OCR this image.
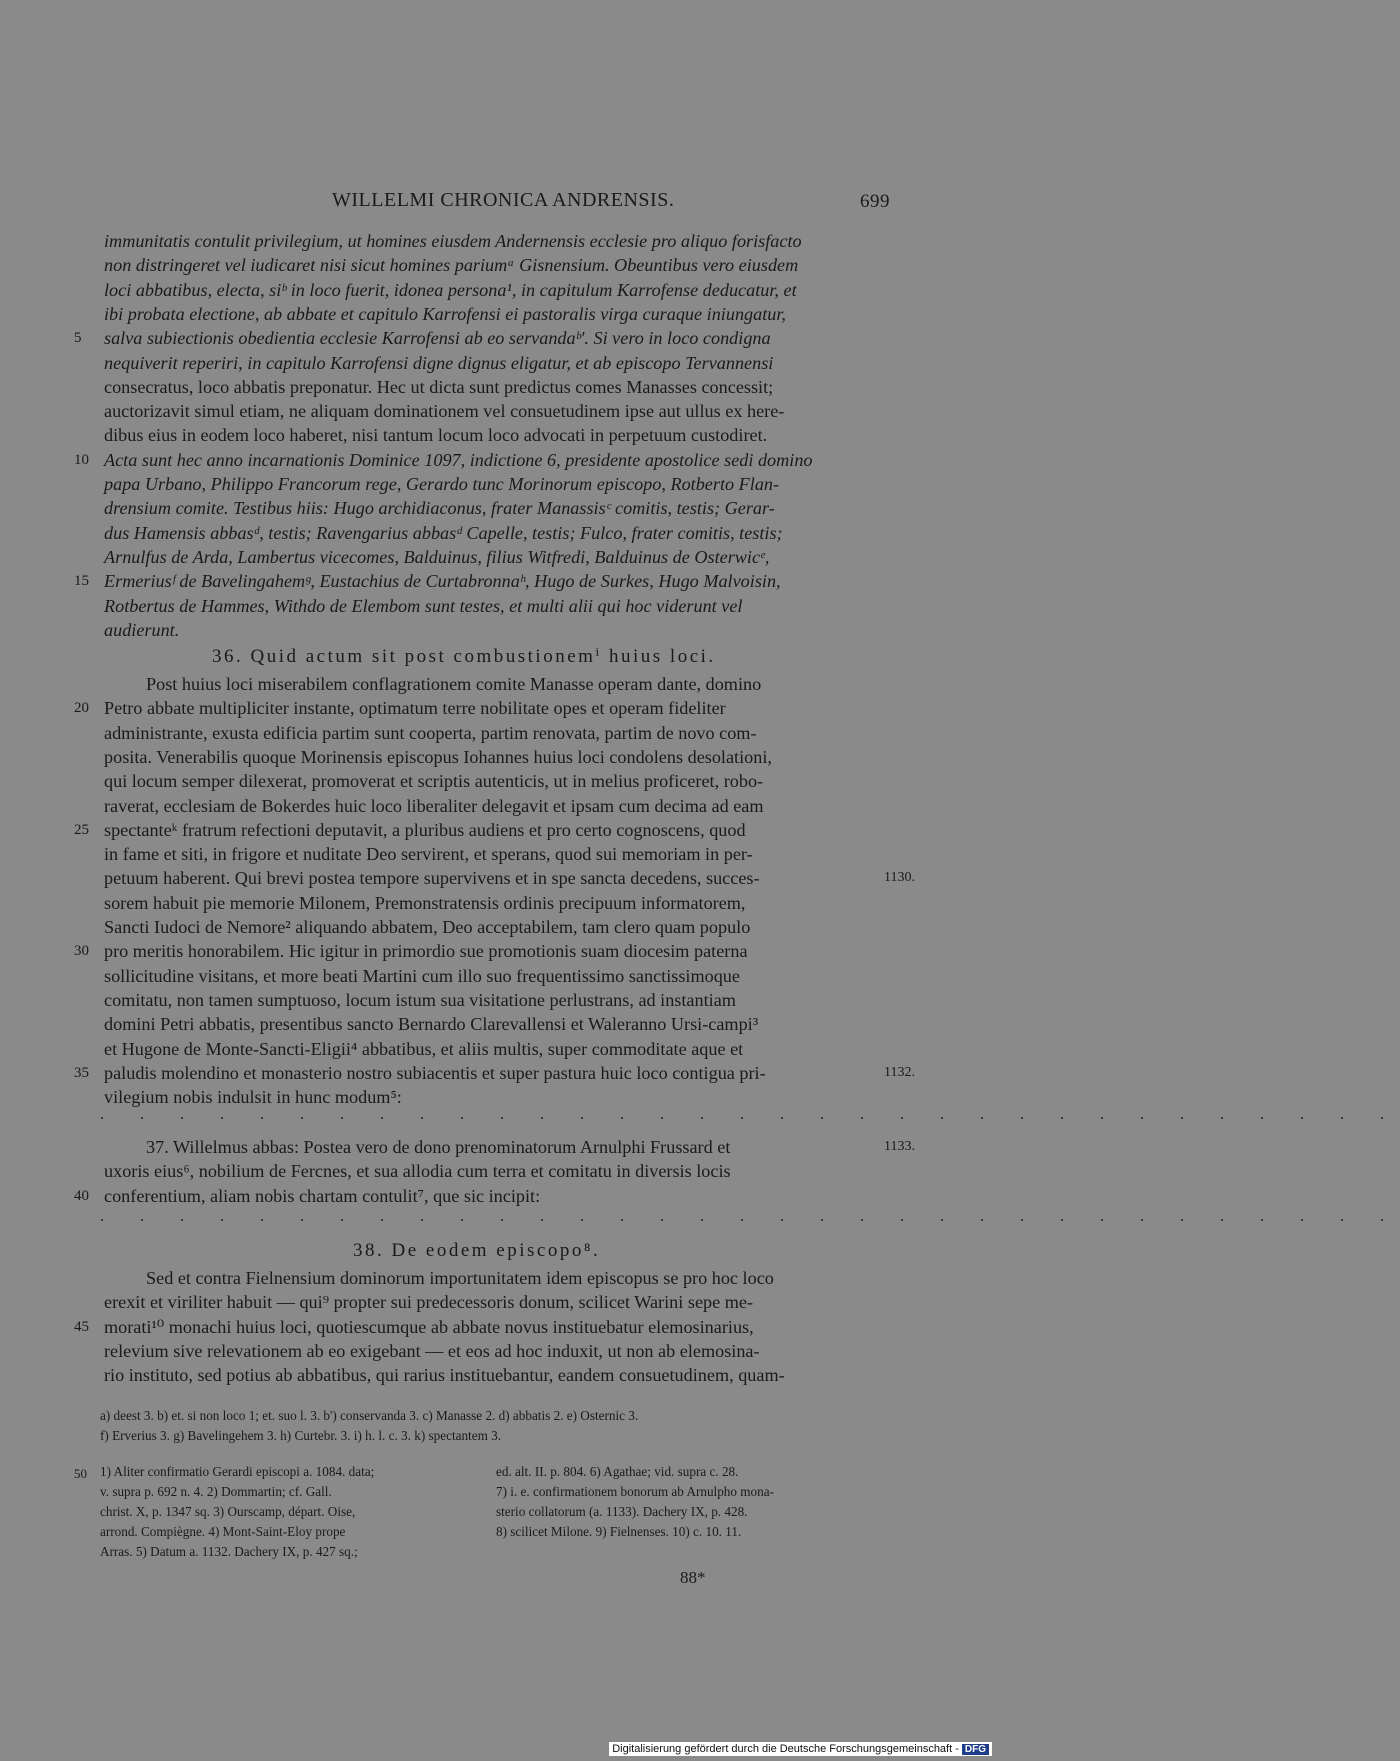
WILLELMI CHRONICA ANDRENSIS.	699
immunitatis contulit privilegium, ut homines eiusdem Andernensis ecclesie pro aliquo forisfacto
non distringeret vel iudicaret nisi sicut homines pariumᵃ Gisnensium. Obeuntibus vero eiusdem
loci abbatibus, electa, siᵇ in loco fuerit, idonea persona¹, in capitulum Karrofense deducatur, et
ibi probata electione, ab abbate et capitulo Karrofensi ei pastoralis virga curaque iniungatur,
salva subiectionis obedientia ecclesie Karrofensi ab eo servandaᵇ'. Si vero in loco condigna
5
nequiverit reperiri, in capitulo Karrofensi digne dignus eligatur, et ab episcopo Tervannensi
consecratus, loco abbatis preponatur. Hec ut dicta sunt predictus comes Manasses concessit;
auctorizavit simul etiam, ne aliquam dominationem vel consuetudinem ipse aut ullus ex here-
dibus eius in eodem loco haberet, nisi tantum locum loco advocati in perpetuum custodiret.
Acta sunt hec anno incarnationis Dominice 1097, indictione 6, presidente apostolice sedi domino
10
papa Urbano, Philippo Francorum rege, Gerardo tunc Morinorum episcopo, Rotberto Flan-
drensium comite. Testibus hiis: Hugo archidiaconus, frater Manassisᶜ comitis, testis; Gerar-
dus Hamensis abbasᵈ, testis; Ravengarius abbasᵈ Capelle, testis; Fulco, frater comitis, testis;
Arnulfus de Arda, Lambertus vicecomes, Balduinus, filius Witfredi, Balduinus de Osterwicᵉ,
Ermeriusᶠ de Bavelingahemᵍ, Eustachius de Curtabronnaʰ, Hugo de Surkes, Hugo Malvoisin,
15
Rotbertus de Hammes, Withdo de Elembom sunt testes, et multi alii qui hoc viderunt vel
audierunt.
36. Quid actum sit post combustionemⁱ huius loci.
Post huius loci miserabilem conflagrationem comite Manasse operam dante, domino
Petro abbate multipliciter instante, optimatum terre nobilitate opes et operam fideliter
20
administrante, exusta edificia partim sunt cooperta, partim renovata, partim de novo com-
posita. Venerabilis quoque Morinensis episcopus Iohannes huius loci condolens desolationi,
qui locum semper dilexerat, promoverat et scriptis autenticis, ut in melius proficeret, robo-
raverat, ecclesiam de Bokerdes huic loco liberaliter delegavit et ipsam cum decima ad eam
spectanteᵏ fratrum refectioni deputavit, a pluribus audiens et pro certo cognoscens, quod
25
in fame et siti, in frigore et nuditate Deo servirent, et sperans, quod sui memoriam in per-
petuum haberent. Qui brevi postea tempore supervivens et in spe sancta decedens, succes-	1130.
sorem habuit pie memorie Milonem, Premonstratensis ordinis precipuum informatorem,
Sancti Iudoci de Nemore² aliquando abbatem, Deo acceptabilem, tam clero quam populo
pro meritis honorabilem. Hic igitur in primordio sue promotionis suam diocesim paterna
30
sollicitudine visitans, et more beati Martini cum illo suo frequentissimo sanctissimoque
comitatu, non tamen sumptuoso, locum istum sua visitatione perlustrans, ad instantiam
domini Petri abbatis, presentibus sancto Bernardo Clarevallensi et Waleranno Ursi-campi³
et Hugone de Monte-Sancti-Eligii⁴ abbatibus, et aliis multis, super commoditate aque et
paludis molendino et monasterio nostro subiacentis et super pastura huic loco contigua pri-
35	1132.
vilegium nobis indulsit in hunc modum⁵:
. . . . . . . . . . . . . . . . . . . . . . . . . . . . . . . . .
37. Willelmus abbas: Postea vero de dono prenominatorum Arnulphi Frussard et	1133.
uxoris eius⁶, nobilium de Fercnes, et sua allodia cum terra et comitatu in diversis locis
conferentium, aliam nobis chartam contulit⁷, que sic incipit:
40
. . . . . . . . . . . . . . . . . . . . . . . . . . . . . . . . .
38. De eodem episcopo⁸.
Sed et contra Fielnensium dominorum importunitatem idem episcopus se pro hoc loco
erexit et viriliter habuit — qui⁹ propter sui predecessoris donum, scilicet Warini sepe me-
morati¹⁰ monachi huius loci, quotiescumque ab abbate novus instituebatur elemosinarius,
45
relevium sive relevationem ab eo exigebant — et eos ad hoc induxit, ut non ab elemosina-
rio instituto, sed potius ab abbatibus, qui rarius instituebantur, eandem consuetudinem, quam-
a) deest 3. b) et. si non loco 1; et. suo l. 3. b') conservanda 3. c) Manasse 2. d) abbatis 2. e) Osternic 3.
f) Erverius 3. g) Bavelingehem 3. h) Curtebr. 3. i) h. l. c. 3. k) spectantem 3.
50 1) Aliter confirmatio Gerardi episcopi a. 1084. data;
v. supra p. 692 n. 4. 2) Dommartin; cf. Gall.
christ. X, p. 1347 sq. 3) Ourscamp, départ. Oise,
arrond. Compiègne. 4) Mont-Saint-Eloy prope
Arras. 5) Datum a. 1132. Dachery IX, p. 427 sq.;
ed. alt. II. p. 804. 6) Agathae; vid. supra c. 28.
7) i. e. confirmationem bonorum ab Arnulpho mona-
sterio collatorum (a. 1133). Dachery IX, p. 428.
8) scilicet Milone. 9) Fielnenses. 10) c. 10. 11.
88*
Digitalisierung gefördert durch die Deutsche Forschungsgemeinschaft - DFG
